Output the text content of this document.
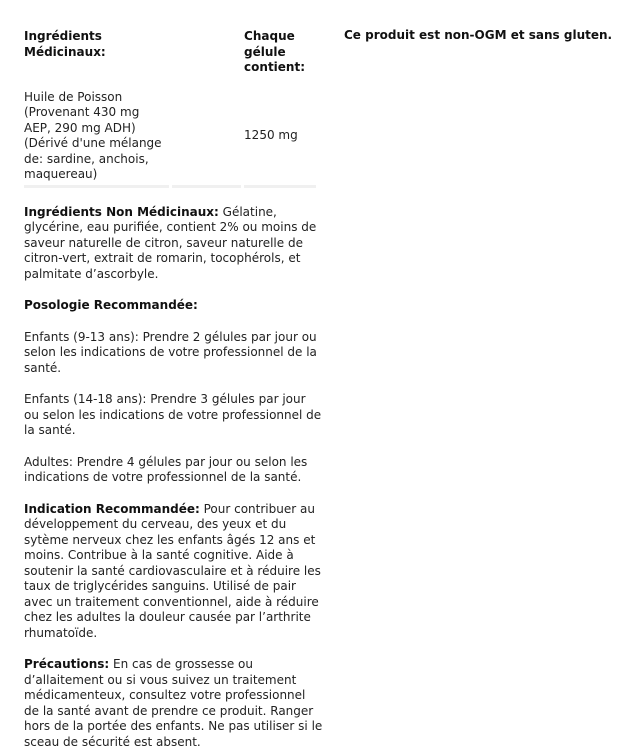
Ingrédients Médicinaux:		Chaque gélule contient:
Huile de Poisson (Provenant 430 mg AEP, 290 mg ADH) (Dérivé d'une mélange de: sardine, anchois, maquereau)		1250 mg

Ingrédients Non Médicinaux: Gélatine, glycérine, eau purifiée, contient 2% ou moins de saveur naturelle de citron, saveur naturelle de citron-vert, extrait de romarin, tocophérols, et palmitate d’ascorbyle.

Posologie Recommandée:

Enfants (9-13 ans): Prendre 2 gélules par jour ou selon les indications de votre professionnel de la santé.

Enfants (14-18 ans): Prendre 3 gélules par jour ou selon les indications de votre professionnel de la santé.

Adultes: Prendre 4 gélules par jour ou selon les indications de votre professionnel de la santé.

Indication Recommandée: Pour contribuer au développement du cerveau, des yeux et du sytème nerveux chez les enfants âgés 12 ans et moins. Contribue à la santé cognitive. Aide à soutenir la santé cardiovasculaire et à réduire les taux de triglycérides sanguins. Utilisé de pair avec un traitement conventionnel, aide à réduire chez les adultes la douleur causée par l’arthrite rhumatoïde.

Précautions: En cas de grossesse ou d’allaitement ou si vous suivez un traitement médicamenteux, consultez votre professionnel de la santé avant de prendre ce produit. Ranger hors de la portée des enfants. Ne pas utiliser si le sceau de sécurité est absent.

Ce produit est non-OGM et sans gluten.
